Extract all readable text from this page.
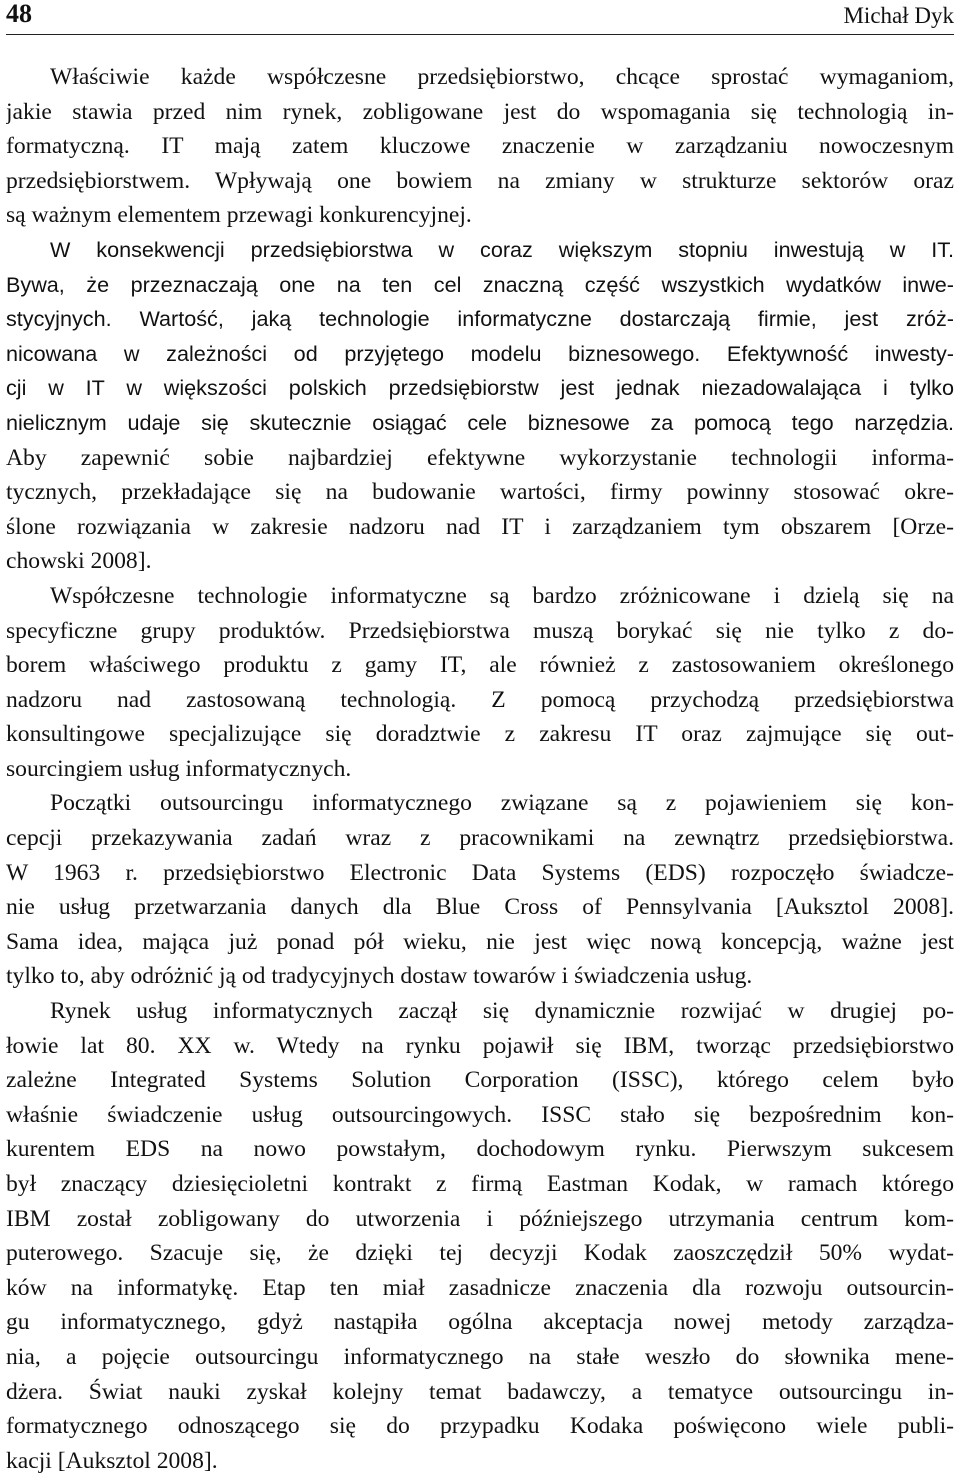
48	Michał Dyk
Właściwie każde współczesne przedsiębiorstwo, chcące sprostać wymaganiom,
jakie stawia przed nim rynek, zobligowane jest do wspomagania się technologią in-
formatyczną. IT mają zatem kluczowe znaczenie w zarządzaniu nowoczesnym
przedsiębiorstwem. Wpływają one bowiem na zmiany w strukturze sektorów oraz
są ważnym elementem przewagi konkurencyjnej.
W konsekwencji przedsiębiorstwa w coraz większym stopniu inwestują w IT.
Bywa, że przeznaczają one na ten cel znaczną część wszystkich wydatków inwe-
stycyjnych. Wartość, jaką technologie informatyczne dostarczają firmie, jest zróż-
nicowana w zależności od przyjętego modelu biznesowego. Efektywność inwesty-
cji w IT w większości polskich przedsiębiorstw jest jednak niezadowalająca i tylko
nielicznym udaje się skutecznie osiągać cele biznesowe za pomocą tego narzędzia.
Aby zapewnić sobie najbardziej efektywne wykorzystanie technologii informa-
tycznych, przekładające się na budowanie wartości, firmy powinny stosować okre-
ślone rozwiązania w zakresie nadzoru nad IT i zarządzaniem tym obszarem [Orze-
chowski 2008].
Współczesne technologie informatyczne są bardzo zróżnicowane i dzielą się na
specyficzne grupy produktów. Przedsiębiorstwa muszą borykać się nie tylko z do-
borem właściwego produktu z gamy IT, ale również z zastosowaniem określonego
nadzoru nad zastosowaną technologią. Z pomocą przychodzą przedsiębiorstwa
konsultingowe specjalizujące się doradztwie z zakresu IT oraz zajmujące się out-
sourcingiem usług informatycznych.
Początki outsourcingu informatycznego związane są z pojawieniem się kon-
cepcji przekazywania zadań wraz z pracownikami na zewnątrz przedsiębiorstwa.
W 1963 r. przedsiębiorstwo Electronic Data Systems (EDS) rozpoczęło świadcze-
nie usług przetwarzania danych dla Blue Cross of Pennsylvania [Auksztol 2008].
Sama idea, mająca już ponad pół wieku, nie jest więc nową koncepcją, ważne jest
tylko to, aby odróżnić ją od tradycyjnych dostaw towarów i świadczenia usług.
Rynek usług informatycznych zaczął się dynamicznie rozwijać w drugiej po-
łowie lat 80. XX w. Wtedy na rynku pojawił się IBM, tworząc przedsiębiorstwo
zależne Integrated Systems Solution Corporation (ISSC), którego celem było
właśnie świadczenie usług outsourcingowych. ISSC stało się bezpośrednim kon-
kurentem EDS na nowo powstałym, dochodowym rynku. Pierwszym sukcesem
był znaczący dziesięcioletni kontrakt z firmą Eastman Kodak, w ramach którego
IBM został zobligowany do utworzenia i późniejszego utrzymania centrum kom-
puterowego. Szacuje się, że dzięki tej decyzji Kodak zaoszczędził 50% wydat-
ków na informatykę. Etap ten miał zasadnicze znaczenia dla rozwoju outsourcin-
gu informatycznego, gdyż nastąpiła ogólna akceptacja nowej metody zarządza-
nia, a pojęcie outsourcingu informatycznego na stałe weszło do słownika mene-
dżera. Świat nauki zyskał kolejny temat badawczy, a tematyce outsourcingu in-
formatycznego odnoszącego się do przypadku Kodaka poświęcono wiele publi-
kacji [Auksztol 2008].
